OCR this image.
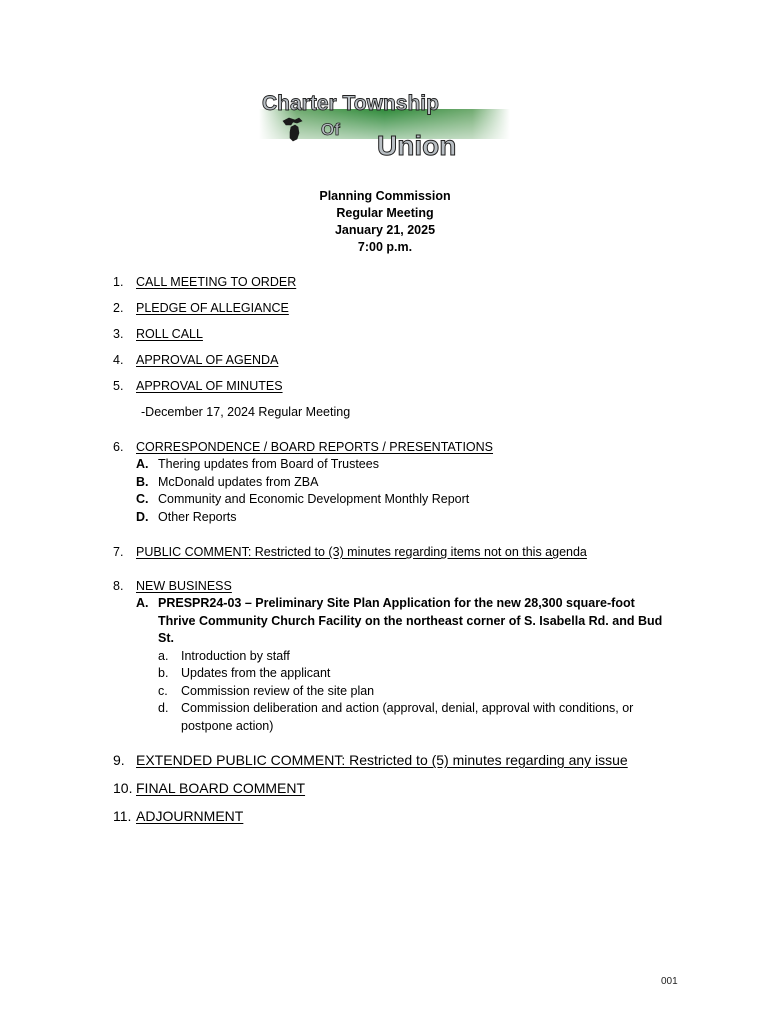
Charter Township
Of
Union
Planning Commission
Regular Meeting
January 21, 2025
7:00 p.m.
1. CALL MEETING TO ORDER
2. PLEDGE OF ALLEGIANCE
3. ROLL CALL
4. APPROVAL OF AGENDA
5. APPROVAL OF MINUTES
-December 17, 2024 Regular Meeting
6. CORRESPONDENCE / BOARD REPORTS / PRESENTATIONS
A. Thering updates from Board of Trustees
B. McDonald updates from ZBA
C. Community and Economic Development Monthly Report
D. Other Reports
7. PUBLIC COMMENT: Restricted to (3) minutes regarding items not on this agenda
8. NEW BUSINESS
A. PRESPR24-03 – Preliminary Site Plan Application for the new 28,300 square-foot
Thrive Community Church Facility on the northeast corner of S. Isabella Rd. and Bud
St.
a. Introduction by staff
b. Updates from the applicant
c. Commission review of the site plan
d. Commission deliberation and action (approval, denial, approval with conditions, or
postpone action)
9. EXTENDED PUBLIC COMMENT: Restricted to (5) minutes regarding any issue
10. FINAL BOARD COMMENT
11. ADJOURNMENT
001
